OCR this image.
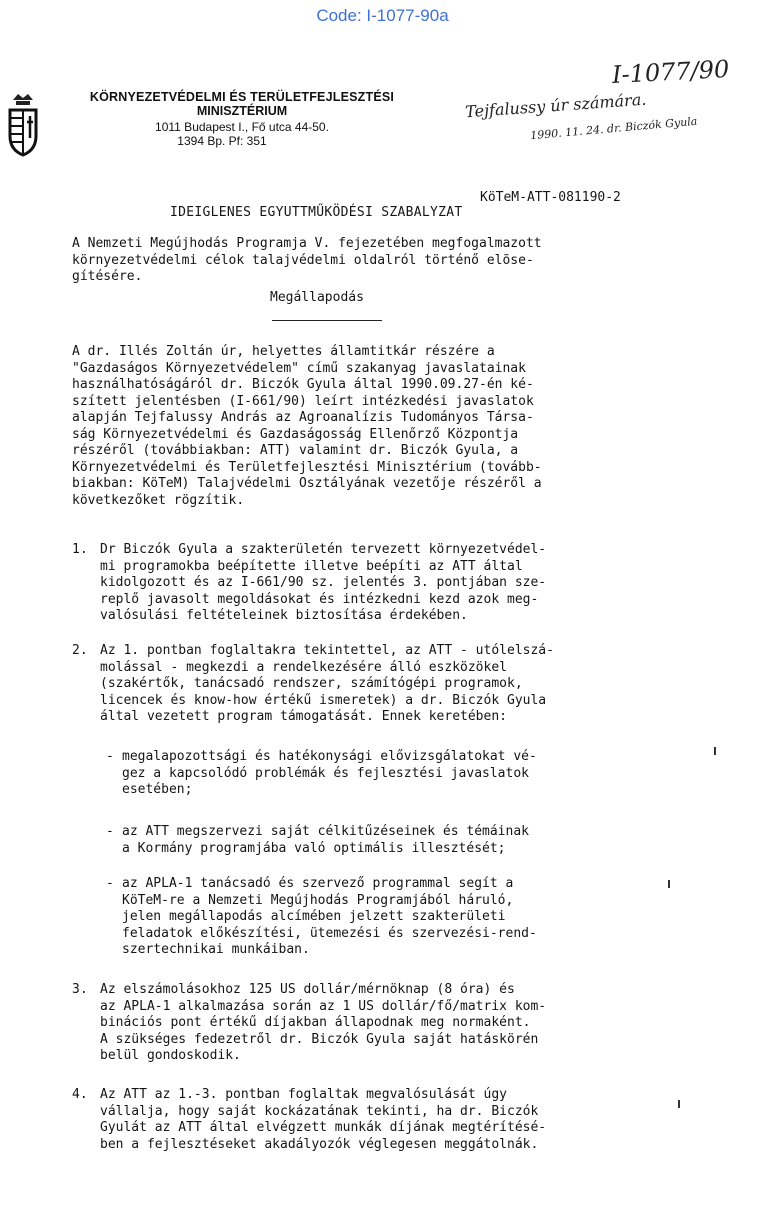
Code: I-1077-90a
KÖRNYEZETVÉDELMI ÉS TERÜLETFEJLESZTÉSI
MINISZTÉRIUM
1011 Budapest I., Fő utca 44-50.
1394 Bp. Pf: 351
I-1077/90
Tejfalussy úr számára.
1990. 11. 24. dr. Biczók Gyula
KöTeM-ATT-081190-2
IDEIGLENES EGYUTTMŰKÖDÉSI SZABALYZAT
A Nemzeti Megújhodás Programja V. fejezetében megfogalmazott
környezetvédelmi célok talajvédelmi oldalról történő elõse-
gítésére.
Megállapodás
A dr. Illés Zoltán úr, helyettes államtitkár részére a
"Gazdaságos Környezetvédelem" című szakanyag javaslatainak
használhatóságáról dr. Biczók Gyula által 1990.09.27-én ké-
szített jelentésben (I-661/90) leírt intézkedési javaslatok
alapján Tejfalussy András az Agroanalízis Tudományos Társa-
ság Környezetvédelmi és Gazdaságosság Ellenőrző Központja
részéről (továbbiakban: ATT) valamint dr. Biczók Gyula, a
Környezetvédelmi és Területfejlesztési Minisztérium (tovább-
biakban: KöTeM) Talajvédelmi Osztályának vezetője részéről a
következőket rögzítik.
1. Dr Biczók Gyula a szakterületén tervezett környezetvédel-
mi programokba beépítette illetve beépíti az ATT által
kidolgozott és az I-661/90 sz. jelentés 3. pontjában sze-
replő javasolt megoldásokat és intézkedni kezd azok meg-
valósulási feltételeinek biztosítása érdekében.
2. Az 1. pontban foglaltakra tekintettel, az ATT - utólelszá-
molással - megkezdi a rendelkezésére álló eszközökel
(szakértők, tanácsadó rendszer, számítógépi programok,
licencek és know-how értékű ismeretek) a dr. Biczók Gyula
által vezetett program támogatását. Ennek keretében:
- megalapozottsági és hatékonysági elővizsgálatokat vé-
gez a kapcsolódó problémák és fejlesztési javaslatok
esetében;
- az ATT megszervezi saját célkitűzéseinek és témáinak
a Kormány programjába való optimális illesztését;
- az APLA-1 tanácsadó és szervező programmal segít a
KöTeM-re a Nemzeti Megújhodás Programjából háruló,
jelen megállapodás alcímében jelzett szakterületi
feladatok előkészítési, ütemezési és szervezési-rend-
szertechnikai munkáiban.
3. Az elszámolásokhoz 125 US dollár/mérnöknap (8 óra) és
az APLA-1 alkalmazása során az 1 US dollár/fő/matrix kom-
binációs pont értékű díjakban állapodnak meg normaként.
A szükséges fedezetről dr. Biczók Gyula saját hatáskörén
belül gondoskodik.
4. Az ATT az 1.-3. pontban foglaltak megvalósulását úgy
vállalja, hogy saját kockázatának tekinti, ha dr. Biczók
Gyulát az ATT által elvégzett munkák díjának megtérítésé-
ben a fejlesztéseket akadályozók véglegesen meggátolnák.
